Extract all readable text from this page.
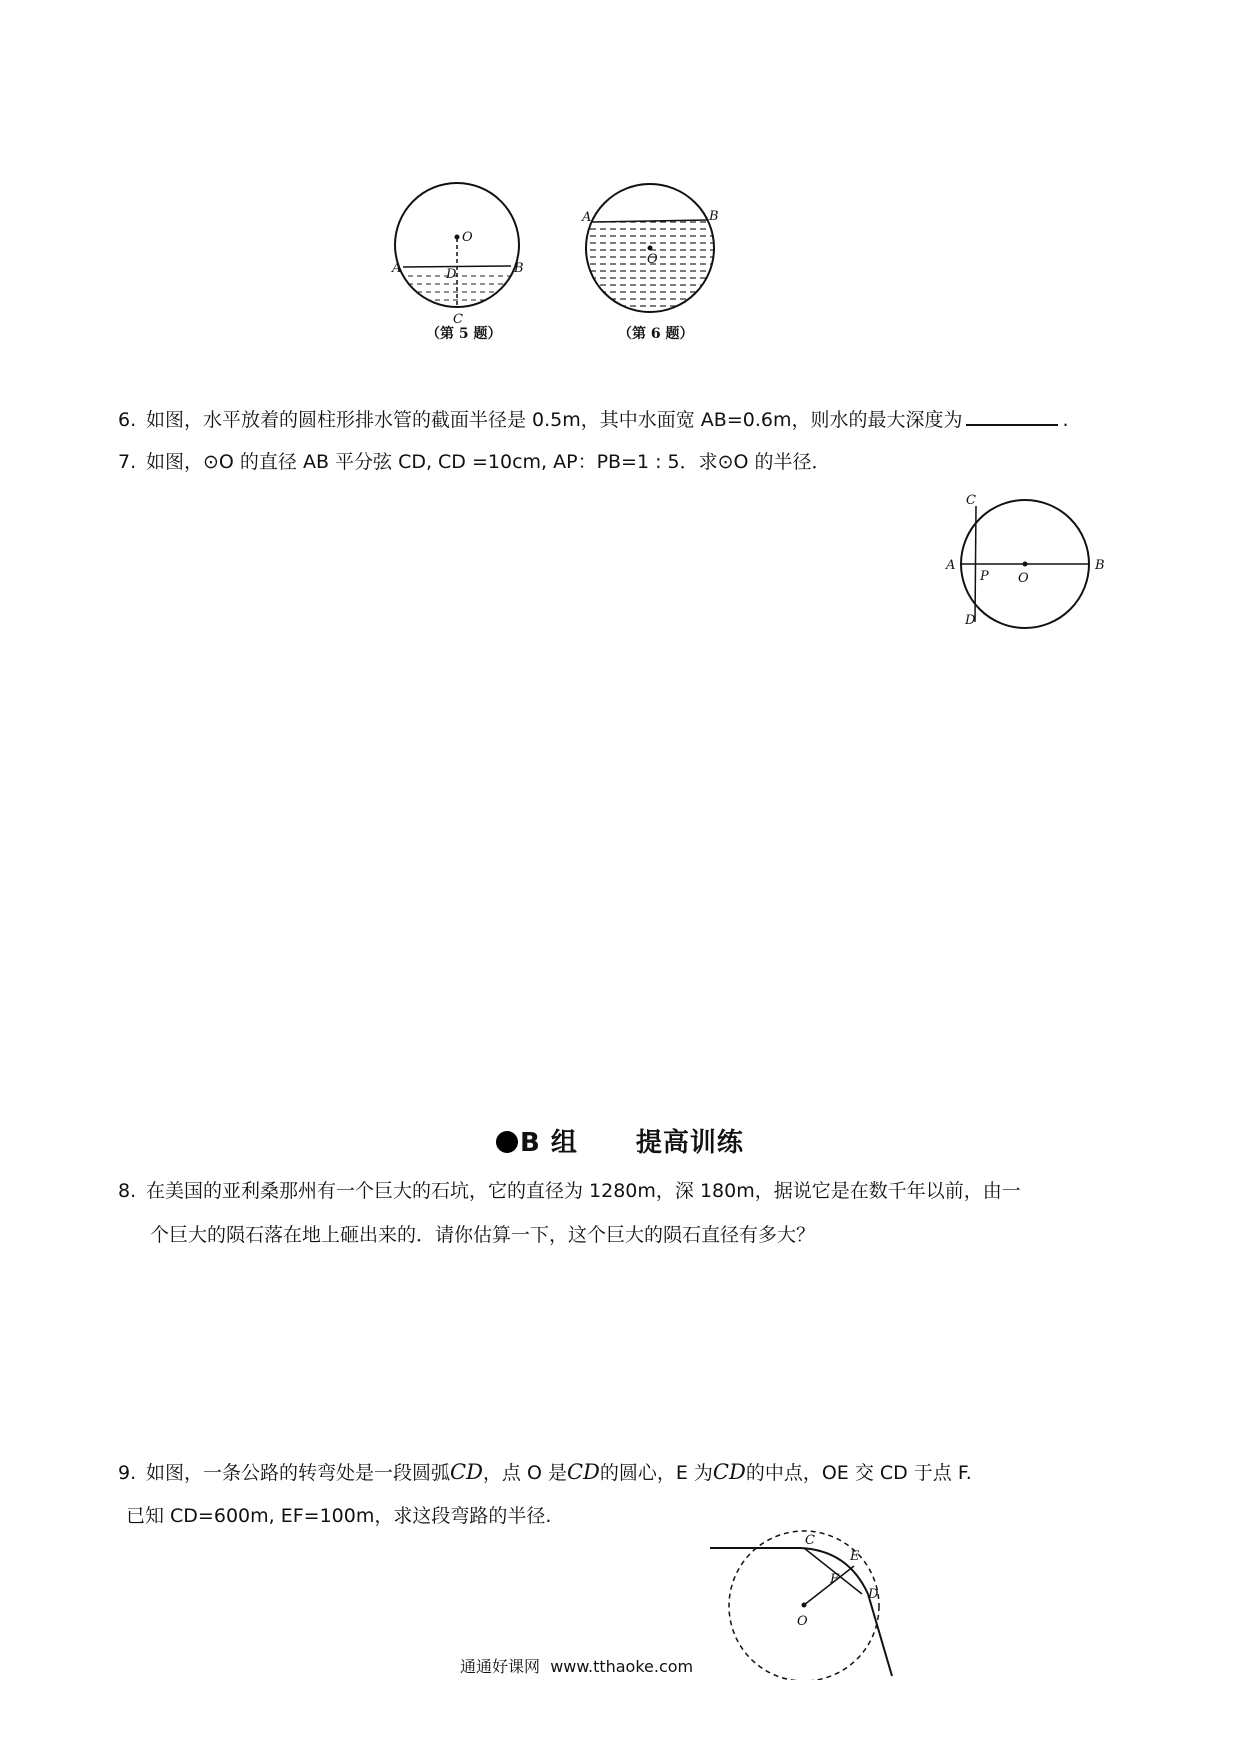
O
A	B
D
C
（第 5 题）
A	B
O
（第 6 题）
6. 如图，水平放着的圆柱形排水管的截面半径是 0.5m，其中水面宽 AB=0.6m，则水的最大深度为	.
7. 如图，⊙O 的直径 AB 平分弦 CD, CD =10cm, AP：PB=1 : 5．求⊙O 的半径．
C
A	B
P O
D
B 组 提高训练
8. 在美国的亚利桑那州有一个巨大的石坑，它的直径为 1280m，深 180m，据说它是在数千年以前，由一
个巨大的陨石落在地上砸出来的．请你估算一下，这个巨大的陨石直径有多大？
9. 如图，一条公路的转弯处是一段圆弧CD，点 O 是CD的圆心，E 为CD的中点，OE 交 CD 于点 F.
已知 CD=600m, EF=100m，求这段弯路的半径.
C
E
F
D
O
通通好课网 www.tthaoke.com
